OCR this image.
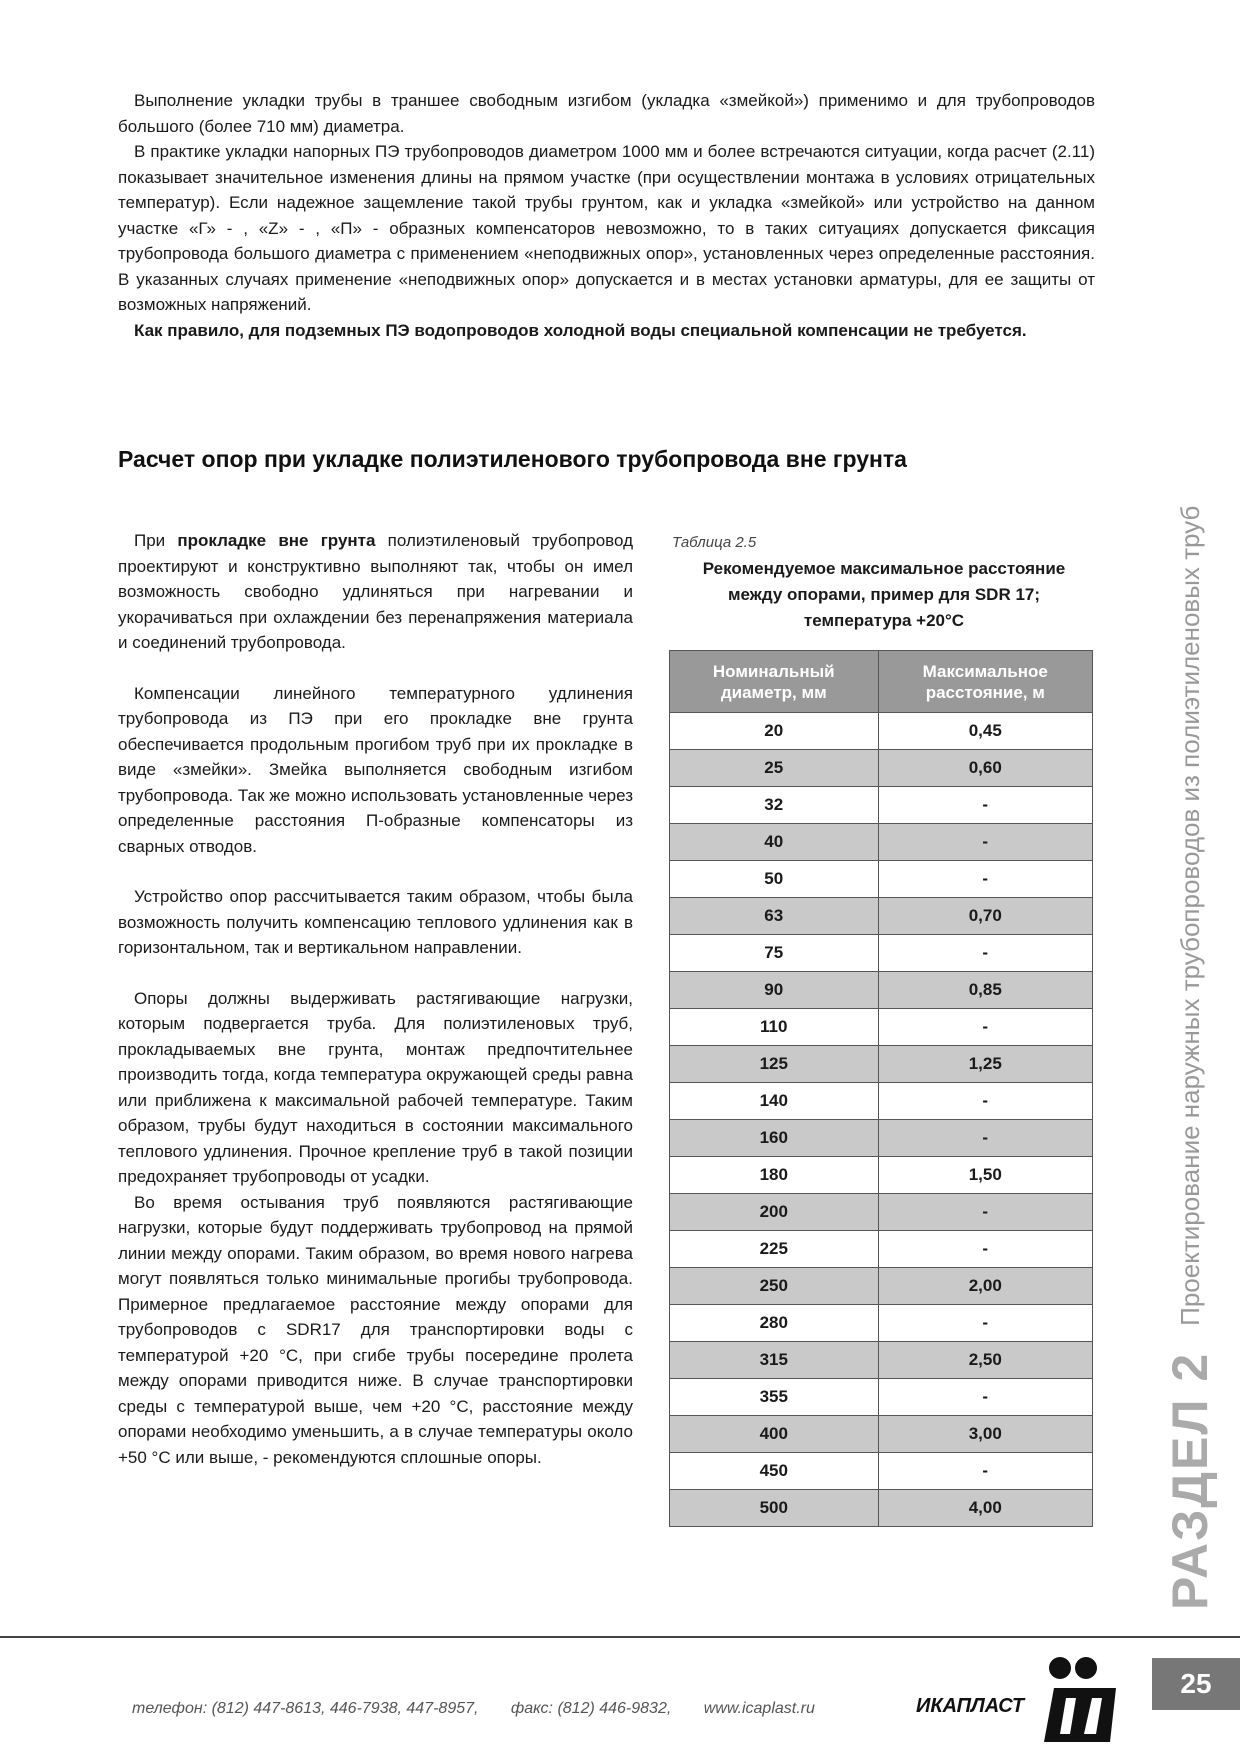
Выполнение укладки трубы в траншее свободным изгибом (укладка «змейкой») применимо и для трубопроводов большого (более 710 мм) диаметра.

В практике укладки напорных ПЭ трубопроводов диаметром 1000 мм и более встречаются ситуации, когда расчет (2.11) показывает значительное изменения длины на прямом участке (при осуществлении монтажа в условиях отрицательных температур). Если надежное защемление такой трубы грунтом, как и укладка «змейкой» или устройство на данном участке «Г» - , «Z» - , «П» - образных компенсаторов невозможно, то в таких ситуациях допускается фиксация трубопровода большого диаметра с применением «неподвижных опор», установленных через определенные расстояния. В указанных случаях применение «неподвижных опор» допускается и в местах установки арматуры, для ее защиты от возможных напряжений.

Как правило, для подземных ПЭ водопроводов холодной воды специальной компенсации не требуется.

Расчет опор при укладке полиэтиленового трубопровода вне грунта

При прокладке вне грунта полиэтиленовый трубопровод проектируют и конструктивно выполняют так, чтобы он имел возможность свободно удлиняться при нагревании и укорачиваться при охлаждении без перенапряжения материала и соединений трубопровода.

Компенсации линейного температурного удлинения трубопровода из ПЭ при его прокладке вне грунта обеспечивается продольным прогибом труб при их прокладке в виде «змейки». Змейка выполняется свободным изгибом трубопровода. Так же можно использовать установленные через определенные расстояния П-образные компенсаторы из сварных отводов.

Устройство опор рассчитывается таким образом, чтобы была возможность получить компенсацию теплового удлинения как в горизонтальном, так и вертикальном направлении.

Опоры должны выдерживать растягивающие нагрузки, которым подвергается труба. Для полиэтиленовых труб, прокладываемых вне грунта, монтаж предпочтительнее производить тогда, когда температура окружающей среды равна или приближена к максимальной рабочей температуре. Таким образом, трубы будут находиться в состоянии максимального теплового удлинения. Прочное крепление труб в такой позиции предохраняет трубопроводы от усадки.

Во время остывания труб появляются растягивающие нагрузки, которые будут поддерживать трубопровод на прямой линии между опорами. Таким образом, во время нового нагрева могут появляться только минимальные прогибы трубопровода. Примерное предлагаемое расстояние между опорами для трубопроводов с SDR17 для транспортировки воды с температурой +20 °С, при сгибе трубы посередине пролета между опорами приводится ниже. В случае транспортировки среды с температурой выше, чем +20 °С, расстояние между опорами необходимо уменьшить, а в случае температуры около +50 °С или выше, - рекомендуются сплошные опоры.

Таблица 2.5
Рекомендуемое максимальное расстояние
между опорами, пример для SDR 17;
температура +20°С
Номинальный
диаметр, мм	Максимальное
расстояние, м
20	0,45
25	0,60
32	-
40	-
50	-
63	0,70
75	-
90	0,85
110	-
125	1,25
140	-
160	-
180	1,50
200	-
225	-
250	2,00
280	-
315	2,50
355	-
400	3,00
450	-
500	4,00	РАЗДЕЛ 2
Проектирование наружных трубопроводов из полиэтиленовых труб
телефон: (812) 447-8613, 446-7938, 447-8957, факс: (812) 446-9832, www.icaplast.ru	ИКАПЛАСТ
25
